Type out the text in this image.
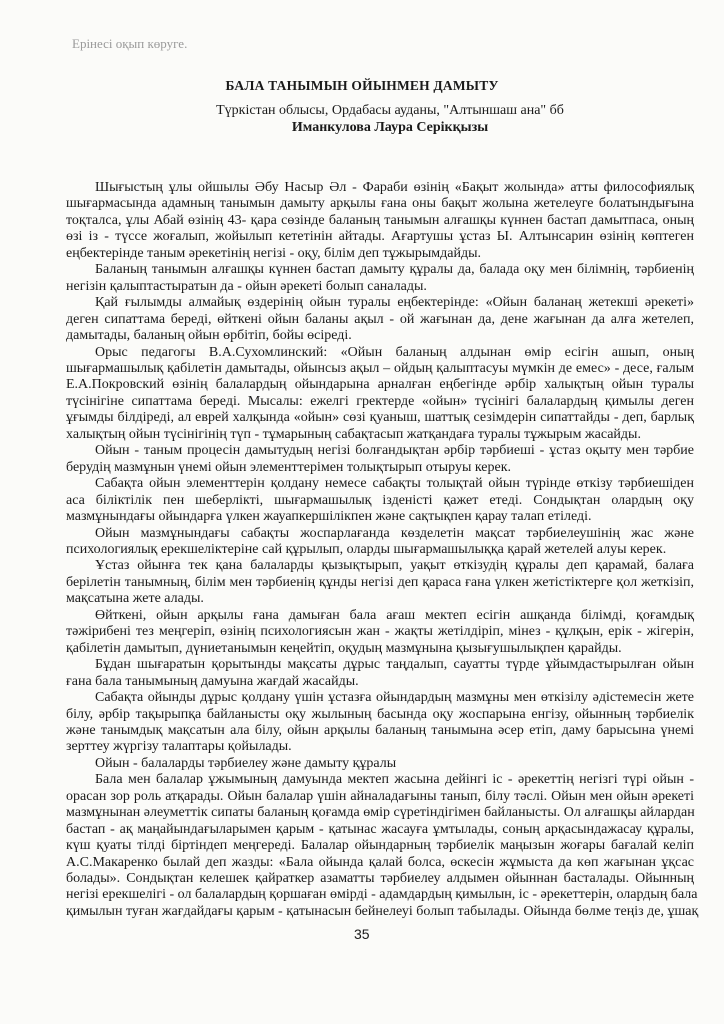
Ерінесі оқып көруге.
БАЛА ТАНЫМЫН ОЙЫНМЕН ДАМЫТУ
Түркістан облысы, Ордабасы ауданы, "Алтыншаш ана" бб
Иманкулова Лаура Серікқызы
Шығыстың ұлы ойшылы Әбу Насыр Әл - Фараби өзінің «Бақыт жолында» атты философиялық
шығармасында адамның танымын дамыту арқылы ғана оны бақыт жолына жетелеуге болатындығына
тоқталса, ұлы Абай өзінің 43- қара сөзінде баланың танымын алғашқы күннен бастап дамытпаса, оның
өзі із - түссе жоғалып, жойылып кететінін айтады. Ағартушы ұстаз Ы. Алтынсарин өзінің көптеген
еңбектерінде таным әрекетінің негізі - оқу, білім деп тұжырымдайды.
Баланың танымын алғашқы күннен бастап дамыту құралы да, балада оқу мен білімнің, тәрбиенің
негізін қалыптастыратын да - ойын әрекеті болып саналады.
Қай ғылымды алмайық өздерінің ойын туралы еңбектерінде: «Ойын баланаң жетекші әрекеті»
деген сипаттама береді, өйткені ойын баланы ақыл - ой жағынан да, дене жағынан да алға жетелеп,
дамытады, баланың ойын өрбітіп, бойы өсіреді.
Орыс педагогы В.А.Сухомлинский: «Ойын баланың алдынан өмір есігін ашып, оның
шығармашылық қабілетін дамытады, ойынсыз ақыл – ойдың қалыптасуы мүмкін де емес» - десе, ғалым
Е.А.Покровский өзінің балалардың ойындарына арналған еңбегінде әрбір халықтың ойын туралы
түсінігіне сипаттама береді. Мысалы: ежелгі гректерде «ойын» түсінігі балалардың қимылы деген
ұғымды білдіреді, ал еврей халқында «ойын» сөзі қуаныш, шаттық сезімдерін сипаттайды - деп, барлық
халықтың ойын түсінігінің түп - тұмарының сабақтасып жатқандаға туралы тұжырым жасайды.
Ойын - таным процесін дамытудың негізі болғандықтан әрбір тәрбиеші - ұстаз оқыту мен тәрбие
берудің мазмұнын үнемі ойын элементтерімен толықтырып отыруы керек.
Сабақта ойын элементтерін қолдану немесе сабақты толықтай ойын түрінде өткізу тәрбиешіден
аса біліктілік пен шеберлікті, шығармашылық ізденісті қажет етеді. Сондықтан олардың оқу
мазмұнындағы ойындарға үлкен жауапкершілікпен және сақтықпен қарау талап етіледі.
Ойын мазмұнындағы сабақты жоспарлағанда көзделетін мақсат тәрбиелеушінің жас және
психологиялық ерекшеліктеріне сай құрылып, оларды шығармашылыққа қарай жетелей алуы керек.
Ұстаз ойынға тек қана балаларды қызықтырып, уақыт өткізудің құралы деп қарамай, балаға
берілетін танымның, білім мен тәрбиенің құнды негізі деп қараса ғана үлкен жетістіктерге қол жеткізіп,
мақсатына жете алады.
Өйткені, ойын арқылы ғана дамыған бала ағаш мектеп есігін ашқанда білімді, қоғамдық
тәжірибені тез меңгеріп, өзінің психологиясын жан - жақты жетілдіріп, мінез - құлқын, ерік - жігерін,
қабілетін дамытып, дүниетанымын кеңейтіп, оқудың мазмұнына қызығушылықпен қарайды.
Бұдан шығаратын қорытынды мақсаты дұрыс таңдалып, сауатты түрде ұйымдастырылған ойын
ғана бала танымының дамуына жағдай жасайды.
Сабақта ойынды дұрыс қолдану үшін ұстазға ойындардың мазмұны мен өткізілу әдістемесін жете
білу, әрбір тақырыпқа байланысты оқу жылының басында оқу жоспарына енгізу, ойынның тәрбиелік
және танымдық мақсатын ала білу, ойын арқылы баланың танымына әсер етіп, даму барысына үнемі
зерттеу жүргізу талаптары қойылады.
Ойын - балаларды тәрбиелеу және дамыту құралы
Бала мен балалар ұжымының дамуында мектеп жасына дейінгі іс - әрекеттің негізгі түрі ойын -
орасан зор роль атқарады. Ойын балалар үшін айналадағыны танып, білу тәслі. Ойын мен ойын әрекеті
мазмұнынан әлеуметтік сипаты баланың қоғамда өмір сүретіндігімен байланысты. Ол алғашқы айлардан
бастап - ақ маңайындағыларымен қарым - қатынас жасауға ұмтылады, соның арқасындажасау құралы,
күш қуаты тілді біртіндеп меңгереді. Балалар ойындарның тәрбиелік маңызын жоғары бағалай келіп
А.С.Макаренко былай деп жазды: «Бала ойында қалай болса, өскесін жұмыста да көп жағынан ұқсас
болады». Сондықтан келешек қайраткер азаматты тәрбиелеу алдымен ойыннан басталады. Ойынның
негізі ерекшелігі - ол балалардың қоршаған өмірді - адамдардың қимылын, іс - әрекеттерін, олардың бала
қимылын туған жағдайдағы қарым - қатынасын бейнелеуі болып табылады. Ойында бөлме теңіз де, ұшақ
35
